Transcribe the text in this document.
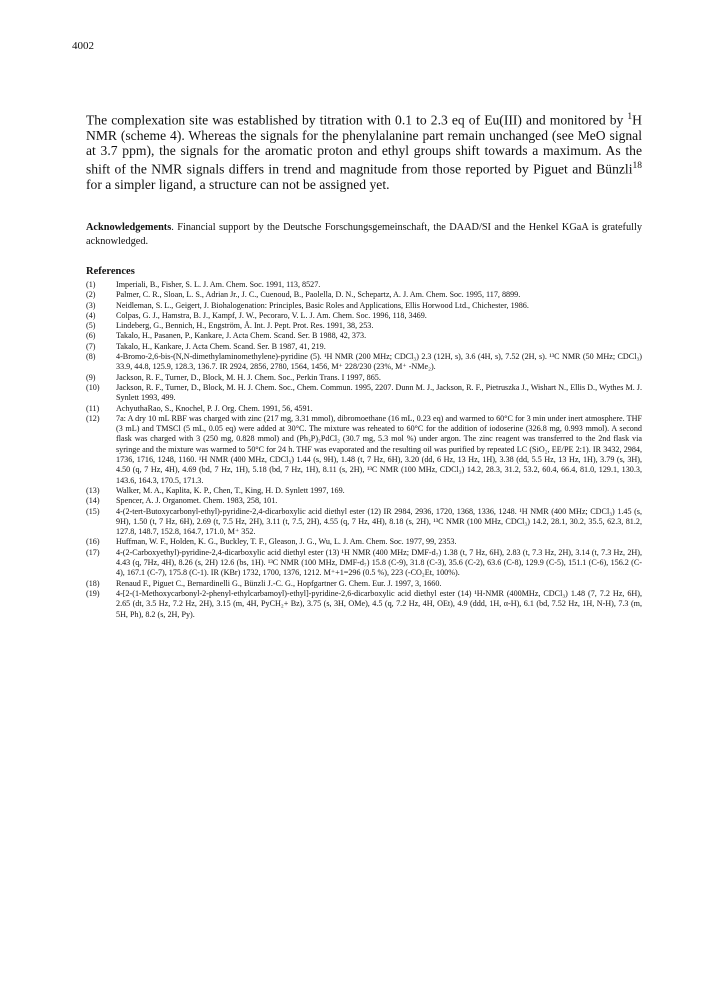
4002

The complexation site was established by titration with 0.1 to 2.3 eq of Eu(III) and monitored by $^1$H NMR (scheme 4). Whereas the signals for the phenylalanine part remain unchanged (see MeO signal at 3.7 ppm), the signals for the aromatic proton and ethyl groups shift towards a maximum. As the shift of the NMR signals differs in trend and magnitude from those reported by Piguet and Bünzli$^{18}$ for a simpler ligand, a structure can not be assigned yet.

Acknowledgements. Financial support by the Deutsche Forschungsgemeinschaft, the DAAD/SI and the Henkel KGaA is gratefully acknowledged.

References
(1)	Imperiali, B., Fisher, S. L. J. Am. Chem. Soc. 1991, 113, 8527.
(2)	Palmer, C. R., Sloan, L. S., Adrian Jr., J. C., Cuenoud, B., Paolella, D. N., Schepartz, A. J. Am. Chem. Soc. 1995, 117, 8899.
(3)	Neidleman, S. L., Geigert, J. Biohalogenation: Principles, Basic Roles and Applications, Ellis Horwood Ltd., Chichester, 1986.
(4)	Colpas, G. J., Hamstra, B. J., Kampf, J. W., Pecoraro, V. L. J. Am. Chem. Soc. 1996, 118, 3469.
(5)	Lindeberg, G., Bennich, H., Engström, Å. Int. J. Pept. Prot. Res. 1991, 38, 253.
(6)	Takalo, H., Pasanen, P., Kankare, J. Acta Chem. Scand. Ser. B 1988, 42, 373.
(7)	Takalo, H., Kankare, J. Acta Chem. Scand. Ser. B 1987, 41, 219.
(8)	4-Bromo-2,6-bis-(N,N-dimethylaminomethylene)-pyridine (5). ¹H NMR (200 MHz; CDCl₃) 2.3 (12H, s), 3.6 (4H, s), 7.52 (2H, s). ¹³C NMR (50 MHz; CDCl₃) 33.9, 44.8, 125.9, 128.3, 136.7. IR 2924, 2856, 2780, 1564, 1456, M⁺ 228/230 (23%, M⁺ -NMe₂).
(9)	Jackson, R. F., Turner, D., Block, M. H. J. Chem. Soc., Perkin Trans. I 1997, 865.
(10) Jackson, R. F., Turner, D., Block, M. H. J. Chem. Soc., Chem. Commun. 1995, 2207. Dunn M. J., Jackson, R. F., Pietruszka J., Wishart N., Ellis D., Wythes M. J. Synlett 1993, 499.
(11) AchyuthaRao, S., Knochel, P. J. Org. Chem. 1991, 56, 4591.
(12) 7a: A dry 10 mL RBF was charged with zinc (217 mg, 3.31 mmol), dibromoethane (16 mL, 0.23 eq) and warmed to 60°C for 3 min under inert atmosphere. THF (3 mL) and TMSCl (5 mL, 0.05 eq) were added at 30°C. The mixture was reheated to 60°C for the addition of iodoserine (326.8 mg, 0.993 mmol). A second flask was charged with 3 (250 mg, 0.828 mmol) and (Ph₃P)₂PdCl₂ (30.7 mg, 5.3 mol %) under argon. The zinc reagent was transferred to the 2nd flask via syringe and the mixture was warmed to 50°C for 24 h. THF was evaporated and the resulting oil was purified by repeated LC (SiO₂, EE/PE 2:1). IR 3432, 2984, 1736, 1716, 1248, 1160. ¹H NMR (400 MHz, CDCl₃) 1.44 (s, 9H), 1.48 (t, 7 Hz, 6H), 3.20 (dd, 6 Hz, 13 Hz, 1H), 3.38 (dd, 5.5 Hz, 13 Hz, 1H), 3.79 (s, 3H), 4.50 (q, 7 Hz, 4H), 4.69 (bd, 7 Hz, 1H), 5.18 (bd, 7 Hz, 1H), 8.11 (s, 2H), ¹³C NMR (100 MHz, CDCl₃) 14.2, 28.3, 31.2, 53.2, 60.4, 66.4, 81.0, 129.1, 130.3, 143.6, 164.3, 170.5, 171.3.
(13) Walker, M. A., Kaplita, K. P., Chen, T., King, H. D. Synlett 1997, 169.
(14) Spencer, A. J. Organomet. Chem. 1983, 258, 101.
(15) 4-(2-tert-Butoxycarbonyl-ethyl)-pyridine-2,4-dicarboxylic acid diethyl ester (12) IR 2984, 2936, 1720, 1368, 1336, 1248. ¹H NMR (400 MHz; CDCl₃) 1.45 (s, 9H), 1.50 (t, 7 Hz, 6H), 2.69 (t, 7.5 Hz, 2H), 3.11 (t, 7.5, 2H), 4.55 (q, 7 Hz, 4H), 8.18 (s, 2H), ¹³C NMR (100 MHz, CDCl₃) 14.2, 28.1, 30.2, 35.5, 62.3, 81.2, 127.8, 148.7, 152.8, 164.7, 171.0, M⁺ 352.
(16) Huffman, W. F., Holden, K. G., Buckley, T. F., Gleason, J. G., Wu, L. J. Am. Chem. Soc. 1977, 99, 2353.
(17) 4-(2-Carboxyethyl)-pyridine-2,4-dicarboxylic acid diethyl ester (13) ¹H NMR (400 MHz; DMF-d₇) 1.38 (t, 7 Hz, 6H), 2.83 (t, 7.3 Hz, 2H), 3.14 (t, 7.3 Hz, 2H), 4.43 (q, 7Hz, 4H), 8.26 (s, 2H) 12.6 (bs, 1H). ¹³C NMR (100 MHz, DMF-d₇) 15.8 (C-9), 31.8 (C-3), 35.6 (C-2), 63.6 (C-8), 129.9 (C-5), 151.1 (C-6), 156.2 (C-4), 167.1 (C-7), 175.8 (C-1). IR (KBr) 1732, 1700, 1376, 1212. M⁺+1=296 (0.5 %), 223 (-CO₂Et, 100%).
(18) Renaud F., Piguet C., Bernardinelli G., Bünzli J.-C. G., Hopfgartner G. Chem. Eur. J. 1997, 3, 1660.
(19) 4-[2-(1-Methoxycarbonyl-2-phenyl-ethylcarbamoyl)-ethyl]-pyridine-2,6-dicarboxylic acid diethyl ester (14) ¹H-NMR (400MHz, CDCl₃) 1.48 (7, 7.2 Hz, 6H), 2.65 (dt, 3.5 Hz, 7.2 Hz, 2H), 3.15 (m, 4H, PyCH₂+ Bz), 3.75 (s, 3H, OMe), 4.5 (q, 7.2 Hz, 4H, OEt), 4.9 (ddd, 1H, α-H), 6.1 (bd, 7.52 Hz, 1H, N-H), 7.3 (m, 5H, Ph), 8.2 (s, 2H, Py).
